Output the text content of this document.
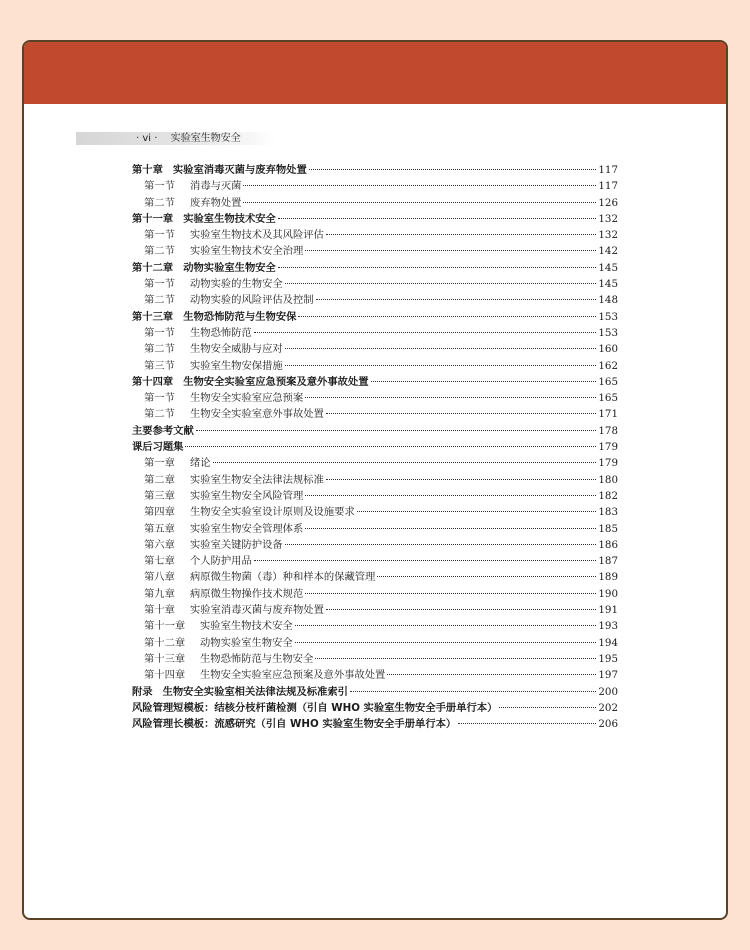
· vi · 实验室生物安全
第十章 实验室消毒灭菌与废弃物处置	117
第一节 消毒与灭菌	117
第二节 废弃物处置	126
第十一章 实验室生物技术安全	132
第一节 实验室生物技术及其风险评估	132
第二节 实验室生物技术安全治理	142
第十二章 动物实验室生物安全	145
第一节 动物实验的生物安全	145
第二节 动物实验的风险评估及控制	148
第十三章 生物恐怖防范与生物安保	153
第一节 生物恐怖防范	153
第二节 生物安全威胁与应对	160
第三节 实验室生物安保措施	162
第十四章 生物安全实验室应急预案及意外事故处置	165
第一节 生物安全实验室应急预案	165
第二节 生物安全实验室意外事故处置	171
主要参考文献	178
课后习题集	179
第一章 绪论	179
第二章 实验室生物安全法律法规标准	180
第三章 实验室生物安全风险管理	182
第四章 生物安全实验室设计原则及设施要求	183
第五章 实验室生物安全管理体系	185
第六章 实验室关键防护设备	186
第七章 个人防护用品	187
第八章 病原微生物菌（毒）种和样本的保藏管理	189
第九章 病原微生物操作技术规范	190
第十章 实验室消毒灭菌与废弃物处置	191
第十一章 实验室生物技术安全	193
第十二章 动物实验室生物安全	194
第十三章 生物恐怖防范与生物安全	195
第十四章 生物安全实验室应急预案及意外事故处置	197
附录 生物安全实验室相关法律法规及标准索引	200
风险管理短模板：结核分枝杆菌检测（引自 WHO 实验室生物安全手册单行本）	202
风险管理长模板：流感研究（引自 WHO 实验室生物安全手册单行本）	206
